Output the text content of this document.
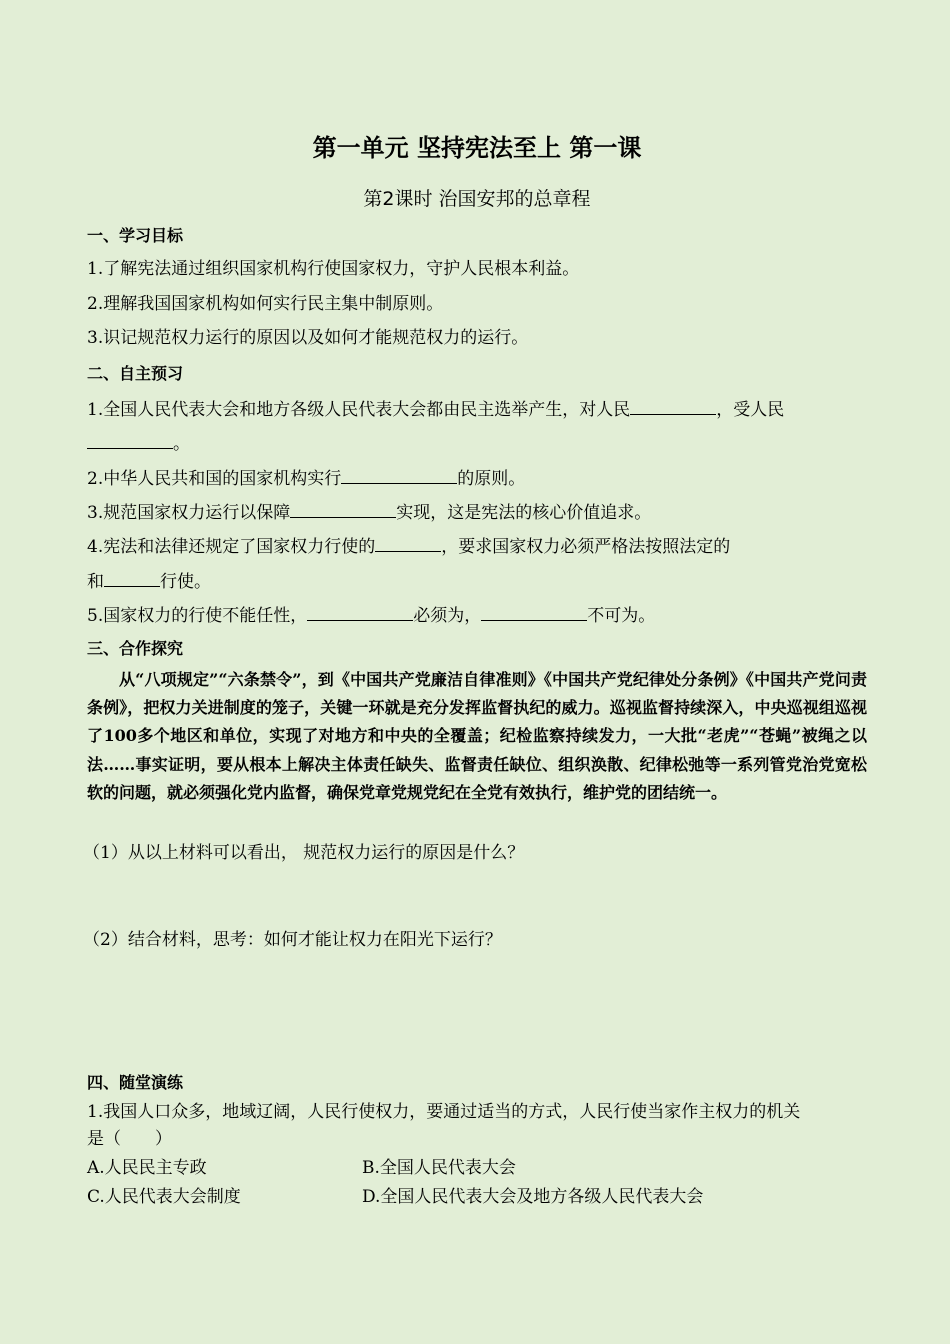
第一单元 坚持宪法至上 第一课
第2课时 治国安邦的总章程
一、学习目标
1.了解宪法通过组织国家机构行使国家权力，守护人民根本利益。
2.理解我国国家机构如何实行民主集中制原则。
3.识记规范权力运行的原因以及如何才能规范权力的运行。
二、自主预习
1.全国人民代表大会和地方各级人民代表大会都由民主选举产生，对人民	，受人民
。
2.中华人民共和国的国家机构实行	的原则。
3.规范国家权力运行以保障	实现，这是宪法的核心价值追求。
4.宪法和法律还规定了国家权力行使的	，要求国家权力必须严格法按照法定的
和	行使。
5.国家权力的行使不能任性，	必须为，	不可为。
三、合作探究
从“八项规定”“六条禁令”，到《中国共产党廉洁自律准则》《中国共产党纪律处分条例》《中国共产党问责条例》，把权力关进制度的笼子，关键一环就是充分发挥监督执纪的威力。巡视监督持续深入，中央巡视组巡视了100多个地区和单位，实现了对地方和中央的全覆盖；纪检监察持续发力，一大批“老虎”“苍蝇”被绳之以法……事实证明，要从根本上解决主体责任缺失、监督责任缺位、组织涣散、纪律松弛等一系列管党治党宽松软的问题，就必须强化党内监督，确保党章党规党纪在全党有效执行，维护党的团结统一。
（1）从以上材料可以看出， 规范权力运行的原因是什么？
（2）结合材料，思考：如何才能让权力在阳光下运行？
四、随堂演练
1.我国人口众多，地域辽阔，人民行使权力，要通过适当的方式，人民行使当家作主权力的机关
是（　　）
A.人民民主专政	B.全国人民代表大会
C.人民代表大会制度	D.全国人民代表大会及地方各级人民代表大会
